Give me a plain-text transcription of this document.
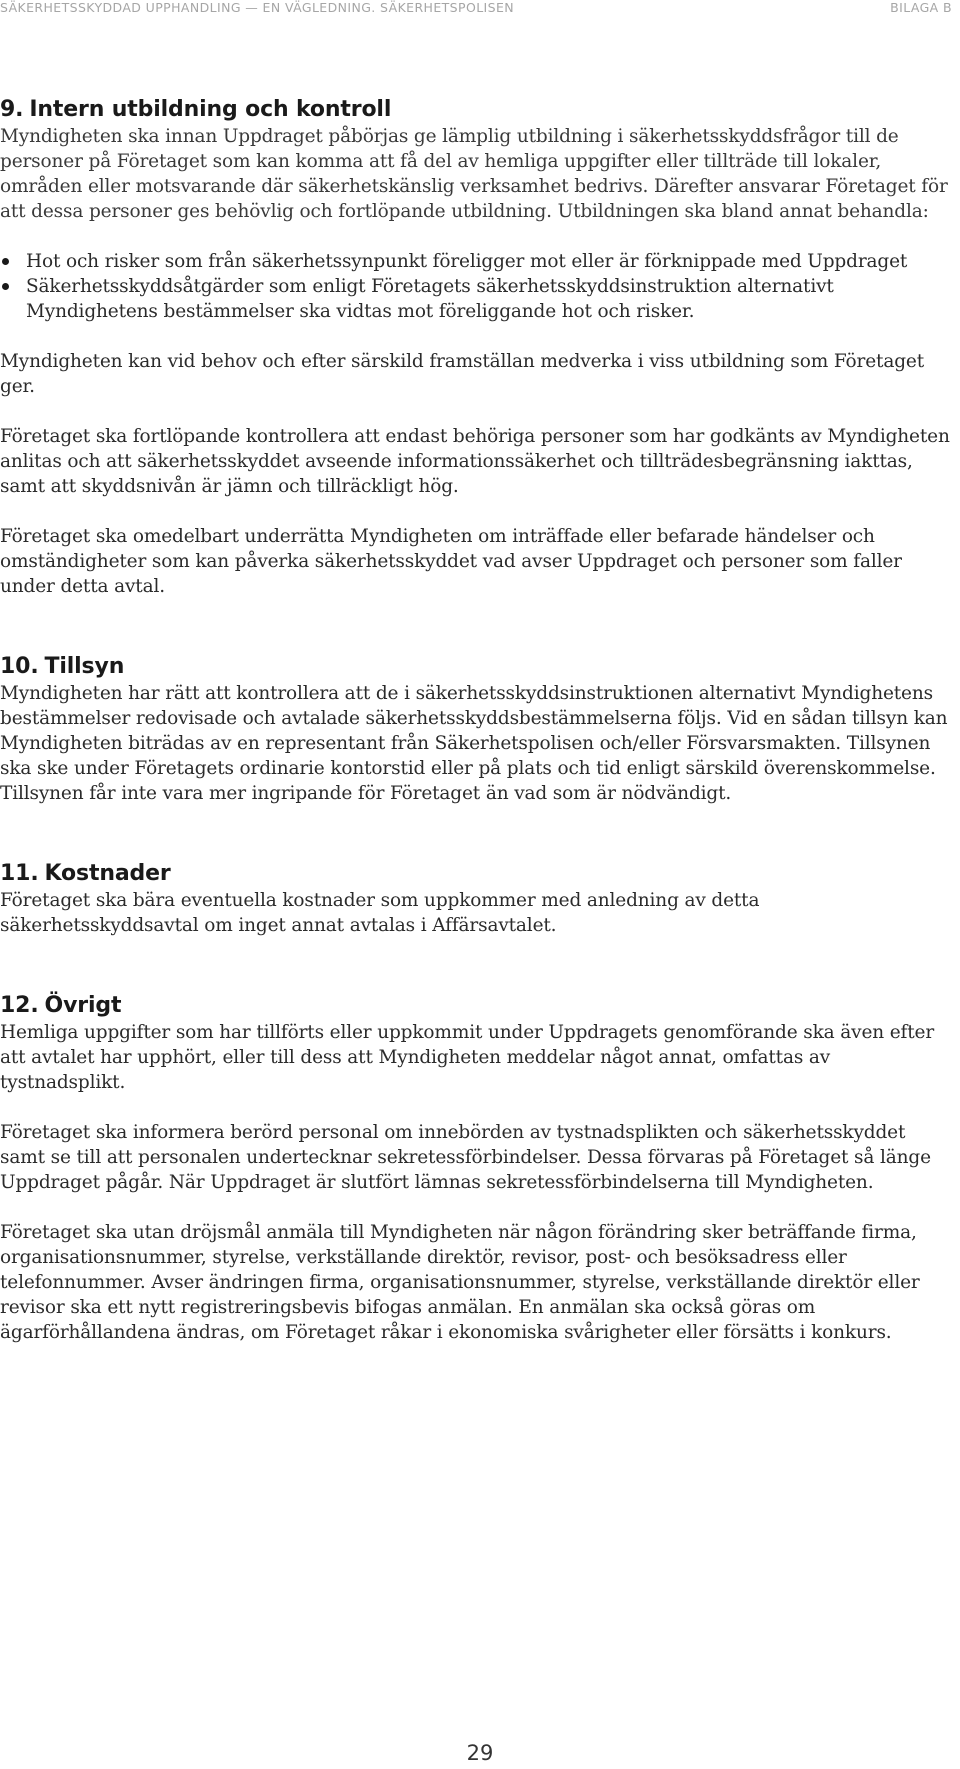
SÄKERHETSSKYDDAD UPPHANDLING — EN VÄGLEDNING. SÄKERHETSPOLISEN	BILAGA B
9. Intern utbildning och kontroll

Myndigheten ska innan Uppdraget påbörjas ge lämplig utbildning i säkerhetsskyddsfrågor till de personer på Företaget som kan komma att få del av hemliga uppgifter eller tillträde till lokaler, områden eller motsvarande där säkerhetskänslig verksamhet bedrivs. Därefter ansvarar Företaget för att dessa personer ges behövlig och fortlöpande utbildning. Utbildningen ska bland annat behandla:

Hot och risker som från säkerhetssynpunkt föreligger mot eller är förknippade med Uppdraget
Säkerhetsskyddsåtgärder som enligt Företagets säkerhetsskyddsinstruktion alternativt Myndighetens bestämmelser ska vidtas mot föreliggande hot och risker.

Myndigheten kan vid behov och efter särskild framställan medverka i viss utbildning som Företaget ger.

Företaget ska fortlöpande kontrollera att endast behöriga personer som har godkänts av Myndigheten anlitas och att säkerhetsskyddet avseende informationssäkerhet och tillträdesbegränsning iakttas, samt att skyddsnivån är jämn och tillräckligt hög.

Företaget ska omedelbart underrätta Myndigheten om inträffade eller befarade händelser och omständigheter som kan påverka säkerhetsskyddet vad avser Uppdraget och personer som faller under detta avtal.

10. Tillsyn

Myndigheten har rätt att kontrollera att de i säkerhetsskyddsinstruktionen alternativt Myndighetens bestämmelser redovisade och avtalade säkerhetsskyddsbestämmelserna följs. Vid en sådan tillsyn kan Myndigheten biträdas av en representant från Säkerhetspolisen och/eller Försvarsmakten. Tillsynen ska ske under Företagets ordinarie kontorstid eller på plats och tid enligt särskild överenskommelse. Tillsynen får inte vara mer ingripande för Företaget än vad som är nödvändigt.

11. Kostnader

Företaget ska bära eventuella kostnader som uppkommer med anledning av detta säkerhetsskyddsavtal om inget annat avtalas i Affärsavtalet.

12. Övrigt

Hemliga uppgifter som har tillförts eller uppkommit under Uppdragets genomförande ska även efter att avtalet har upphört, eller till dess att Myndigheten meddelar något annat, omfattas av tystnadsplikt.

Företaget ska informera berörd personal om innebörden av tystnadsplikten och säkerhetsskyddet samt se till att personalen undertecknar sekretessförbindelser. Dessa förvaras på Företaget så länge Uppdraget pågår. När Uppdraget är slutfört lämnas sekretessförbindelserna till Myndigheten.

Företaget ska utan dröjsmål anmäla till Myndigheten när någon förändring sker beträffande firma, organisationsnummer, styrelse, verkställande direktör, revisor, post- och besöksadress eller telefonnummer. Avser ändringen firma, organisationsnummer, styrelse, verkställande direktör eller revisor ska ett nytt registreringsbevis bifogas anmälan. En anmälan ska också göras om ägarförhållandena ändras, om Företaget råkar i ekonomiska svårigheter eller försätts i konkurs.

29
